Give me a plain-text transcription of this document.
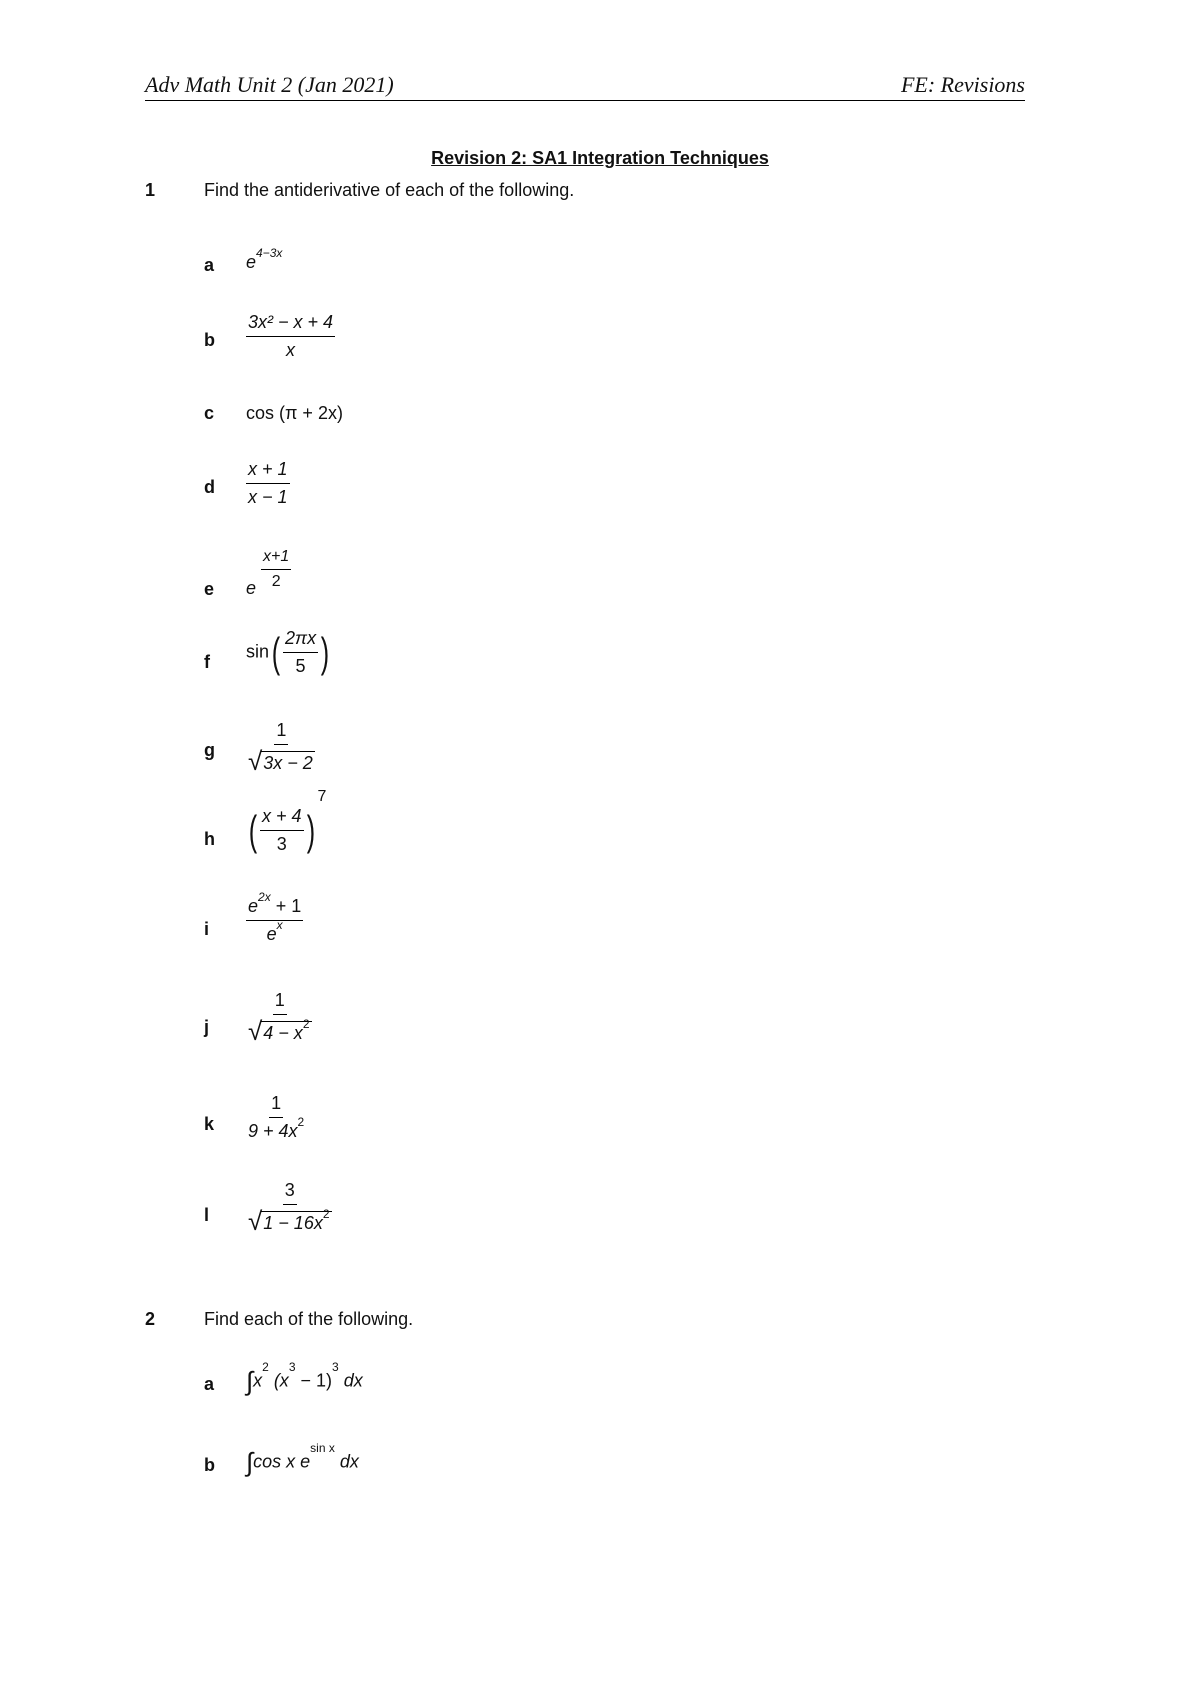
Adv Math Unit 2 (Jan 2021)	FE: Revisions
Revision 2: SA1 Integration Techniques
1	Find the antiderivative of each of the following.
a $e^{4-3x}$
b $\frac{\text{3x² − x + 4}}{x}$
c cos (π + 2x)
d $\frac{x + 1}{x - 1}$
e e $\frac{x+1}{2}$
f
$\sin( \frac{2\pi x}{5}$ )
g $\frac{1}{√ 3x - 2}$
h ( $\frac{x + 4}{3} )^7$
i $\frac{e^{2x} + 1}{e^x}$
j $\frac{1}{√ 4 - x^2}$
k $\frac{1}{9 + 4x^2}$
l $\frac{3}{√ 1 - 16x^2}$
2	Find each of the following.
a $\int x^2$ $(x^3 - 1)^3$ dx
b ∫cos x $e^{sin x}$ dx
